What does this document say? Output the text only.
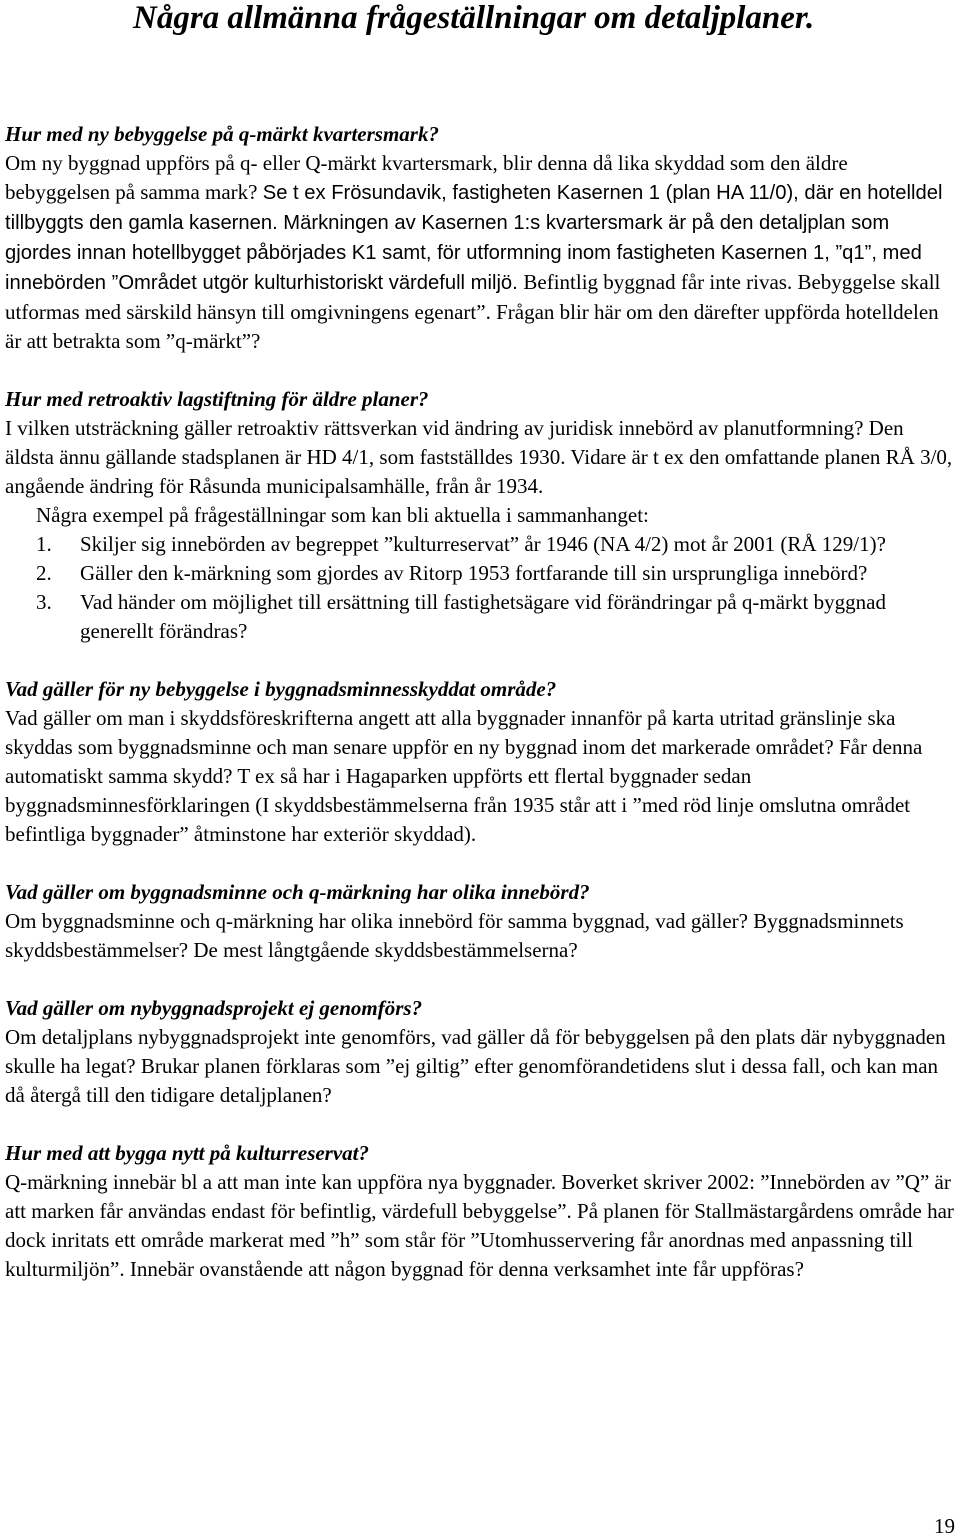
Några allmänna frågeställningar om detaljplaner.

Hur med ny bebyggelse på q-märkt kvartersmark?

Om ny byggnad uppförs på q- eller Q-märkt kvartersmark, blir denna då lika skyddad som den äldre bebyggelsen på samma mark? Se t ex Frösundavik, fastigheten Kasernen 1 (plan HA 11/0), där en hotelldel tillbyggts den gamla kasernen. Märkningen av Kasernen 1:s kvartersmark är på den detaljplan som gjordes innan hotellbygget påbörjades K1 samt, för utformning inom fastigheten Kasernen 1, ”q1”, med innebörden ”Området utgör kulturhistoriskt värdefull miljö. Befintlig byggnad får inte rivas. Bebyggelse skall utformas med särskild hänsyn till omgivningens egenart”. Frågan blir här om den därefter uppförda hotelldelen är att betrakta som ”q-märkt”?

Hur med retroaktiv lagstiftning för äldre planer?

I vilken utsträckning gäller retroaktiv rättsverkan vid ändring av juridisk innebörd av planutformning? Den äldsta ännu gällande stadsplanen är HD 4/1, som fastställdes 1930. Vidare är t ex den omfattande planen RÅ 3/0, angående ändring för Råsunda municipalsamhälle, från år 1934.

Några exempel på frågeställningar som kan bli aktuella i sammanhanget:

1. Skiljer sig innebörden av begreppet ”kulturreservat” år 1946 (NA 4/2) mot år 2001 (RÅ 129/1)?
2. Gäller den k-märkning som gjordes av Ritorp 1953 fortfarande till sin ursprungliga innebörd?
3. Vad händer om möjlighet till ersättning till fastighetsägare vid förändringar på q-märkt byggnad generellt förändras?

Vad gäller för ny bebyggelse i byggnadsminnesskyddat område?

Vad gäller om man i skyddsföreskrifterna angett att alla byggnader innanför på karta utritad gränslinje ska skyddas som byggnadsminne och man senare uppför en ny byggnad inom det markerade området? Får denna automatiskt samma skydd? T ex så har i Hagaparken uppförts ett flertal byggnader sedan byggnadsminnesförklaringen (I skyddsbestämmelserna från 1935 står att i ”med röd linje omslutna området befintliga byggnader” åtminstone har exteriör skyddad).

Vad gäller om byggnadsminne och q-märkning har olika innebörd?

Om byggnadsminne och q-märkning har olika innebörd för samma byggnad, vad gäller? Byggnadsminnets skyddsbestämmelser? De mest långtgående skyddsbestämmelserna?

Vad gäller om nybyggnadsprojekt ej genomförs?

Om detaljplans nybyggnadsprojekt inte genomförs, vad gäller då för bebyggelsen på den plats där nybyggnaden skulle ha legat? Brukar planen förklaras som ”ej giltig” efter genomförandetidens slut i dessa fall, och kan man då återgå till den tidigare detaljplanen?

Hur med att bygga nytt på kulturreservat?

Q-märkning innebär bl a att man inte kan uppföra nya byggnader. Boverket skriver 2002: ”Innebörden av ”Q” är att marken får användas endast för befintlig, värdefull bebyggelse”. På planen för Stallmästargårdens område har dock inritats ett område markerat med ”h” som står för ”Utomhusservering får anordnas med anpassning till kulturmiljön”. Innebär ovanstående att någon byggnad för denna verksamhet inte får uppföras?

19
